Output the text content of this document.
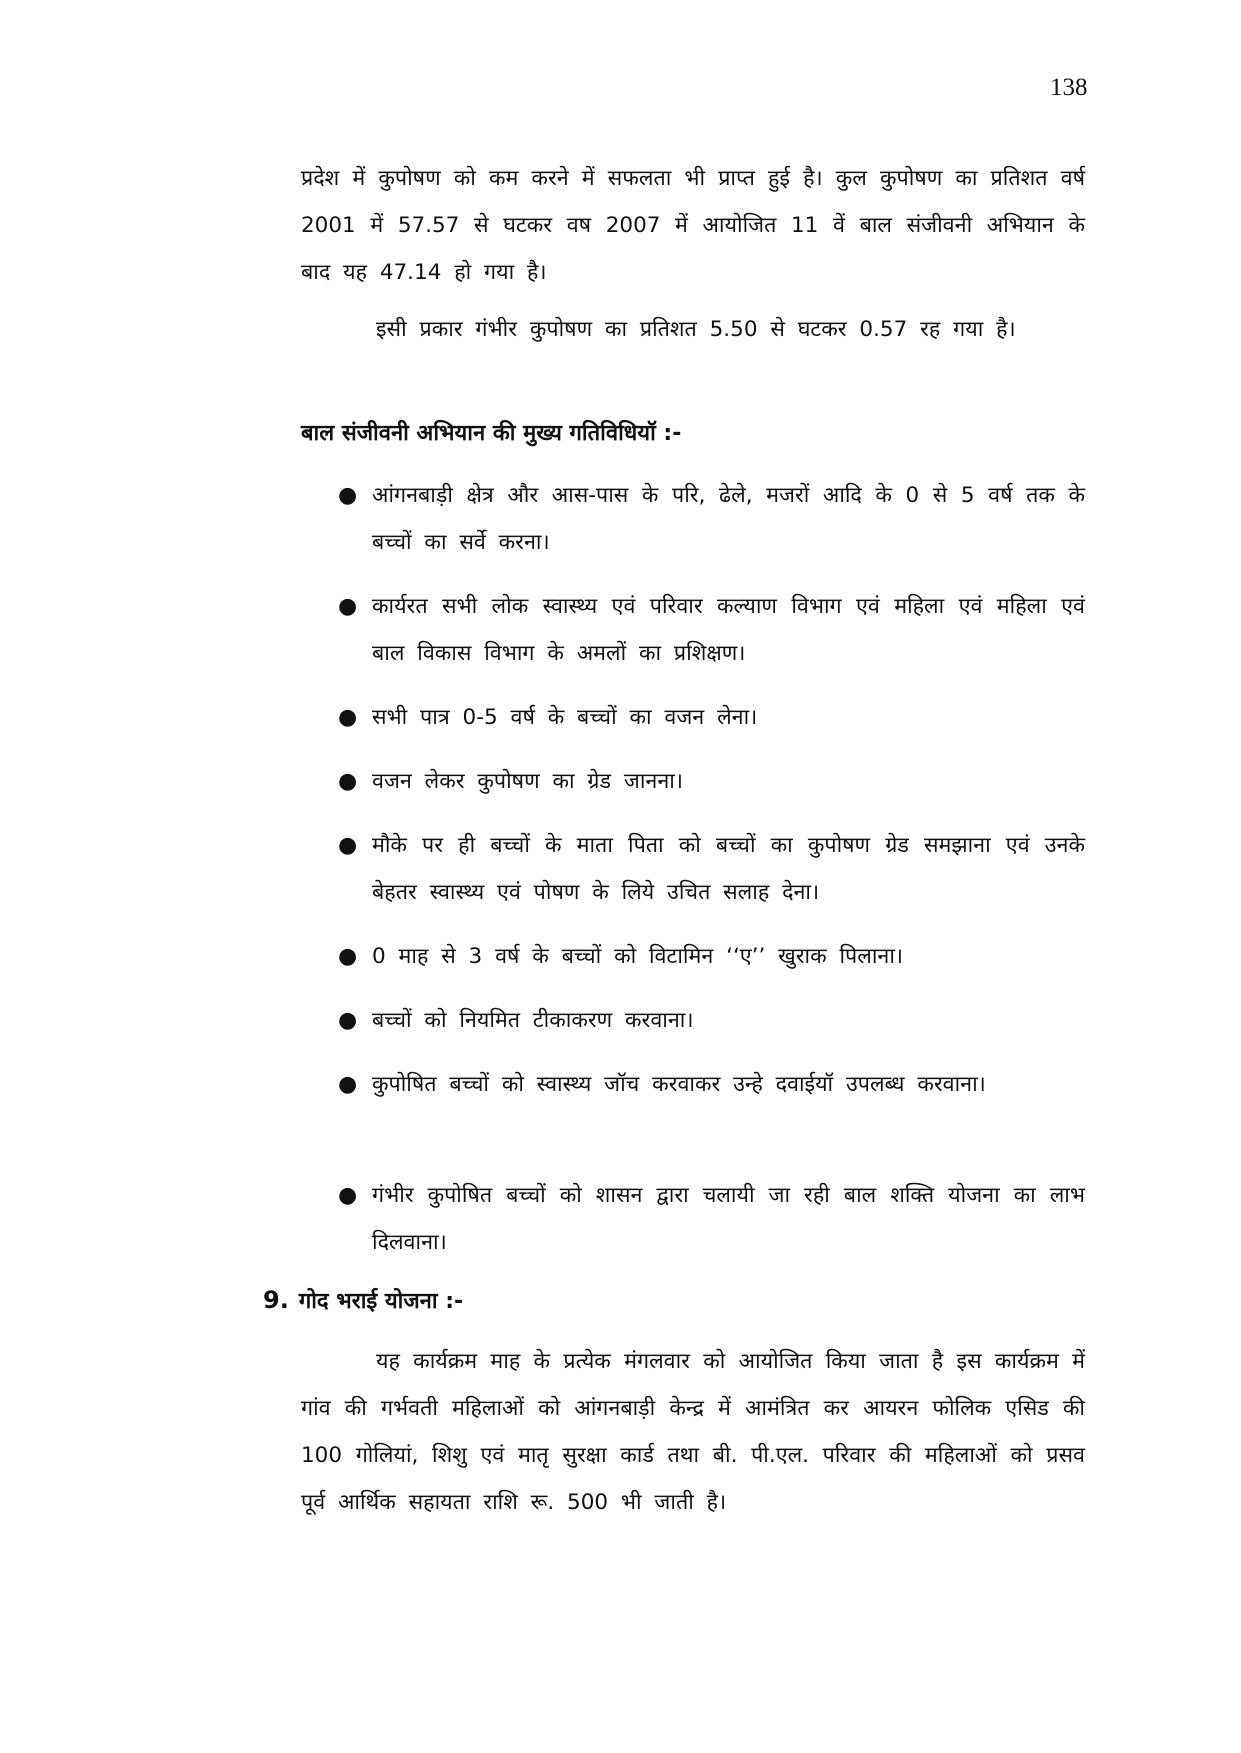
138
प्रदेश में कुपोषण को कम करने में सफलता भी प्राप्त हुई है। कुल कुपोषण का प्रतिशत वर्ष 2001 में 57.57 से घटकर वष 2007 में आयोजित 11 वें बाल संजीवनी अभियान के बाद यह 47.14 हो गया है।
इसी प्रकार गंभीर कुपोषण का प्रतिशत 5.50 से घटकर 0.57 रह गया है।
बाल संजीवनी अभियान की मुख्य गतिविधियॉ :-
● आंगनबाड़ी क्षेत्र और आस-पास के परि, ढेले, मजरों आदि के 0 से 5 वर्ष तक के बच्चों का सर्वे करना।
● कार्यरत सभी लोक स्वास्थ्य एवं परिवार कल्याण विभाग एवं महिला एवं महिला एवं बाल विकास विभाग के अमलों का प्रशिक्षण।
● सभी पात्र 0-5 वर्ष के बच्चों का वजन लेना।
● वजन लेकर कुपोषण का ग्रेड जानना।
● मौके पर ही बच्चों के माता पिता को बच्चों का कुपोषण ग्रेड समझाना एवं उनके बेहतर स्वास्थ्य एवं पोषण के लिये उचित सलाह देना।
● 0 माह से 3 वर्ष के बच्चों को विटामिन ‘‘ए’’ खुराक पिलाना।
● बच्चों को नियमित टीकाकरण करवाना।
● कुपोषित बच्चों को स्वास्थ्य जॉच करवाकर उन्हे दवाईयॉ उपलब्ध करवाना।
● गंभीर कुपोषित बच्चों को शासन द्वारा चलायी जा रही बाल शक्ति योजना का लाभ दिलवाना।
9. गोद भराई योजना :-
यह कार्यक्रम माह के प्रत्येक मंगलवार को आयोजित किया जाता है इस कार्यक्रम में गांव की गर्भवती महिलाओं को आंगनबाड़ी केन्द्र में आमंत्रित कर आयरन फोलिक एसिड की 100 गोलियां, शिशु एवं मातृ सुरक्षा कार्ड तथा बी. पी.एल. परिवार की महिलाओं को प्रसव पूर्व आर्थिक सहायता राशि रू. 500 भी जाती है।
